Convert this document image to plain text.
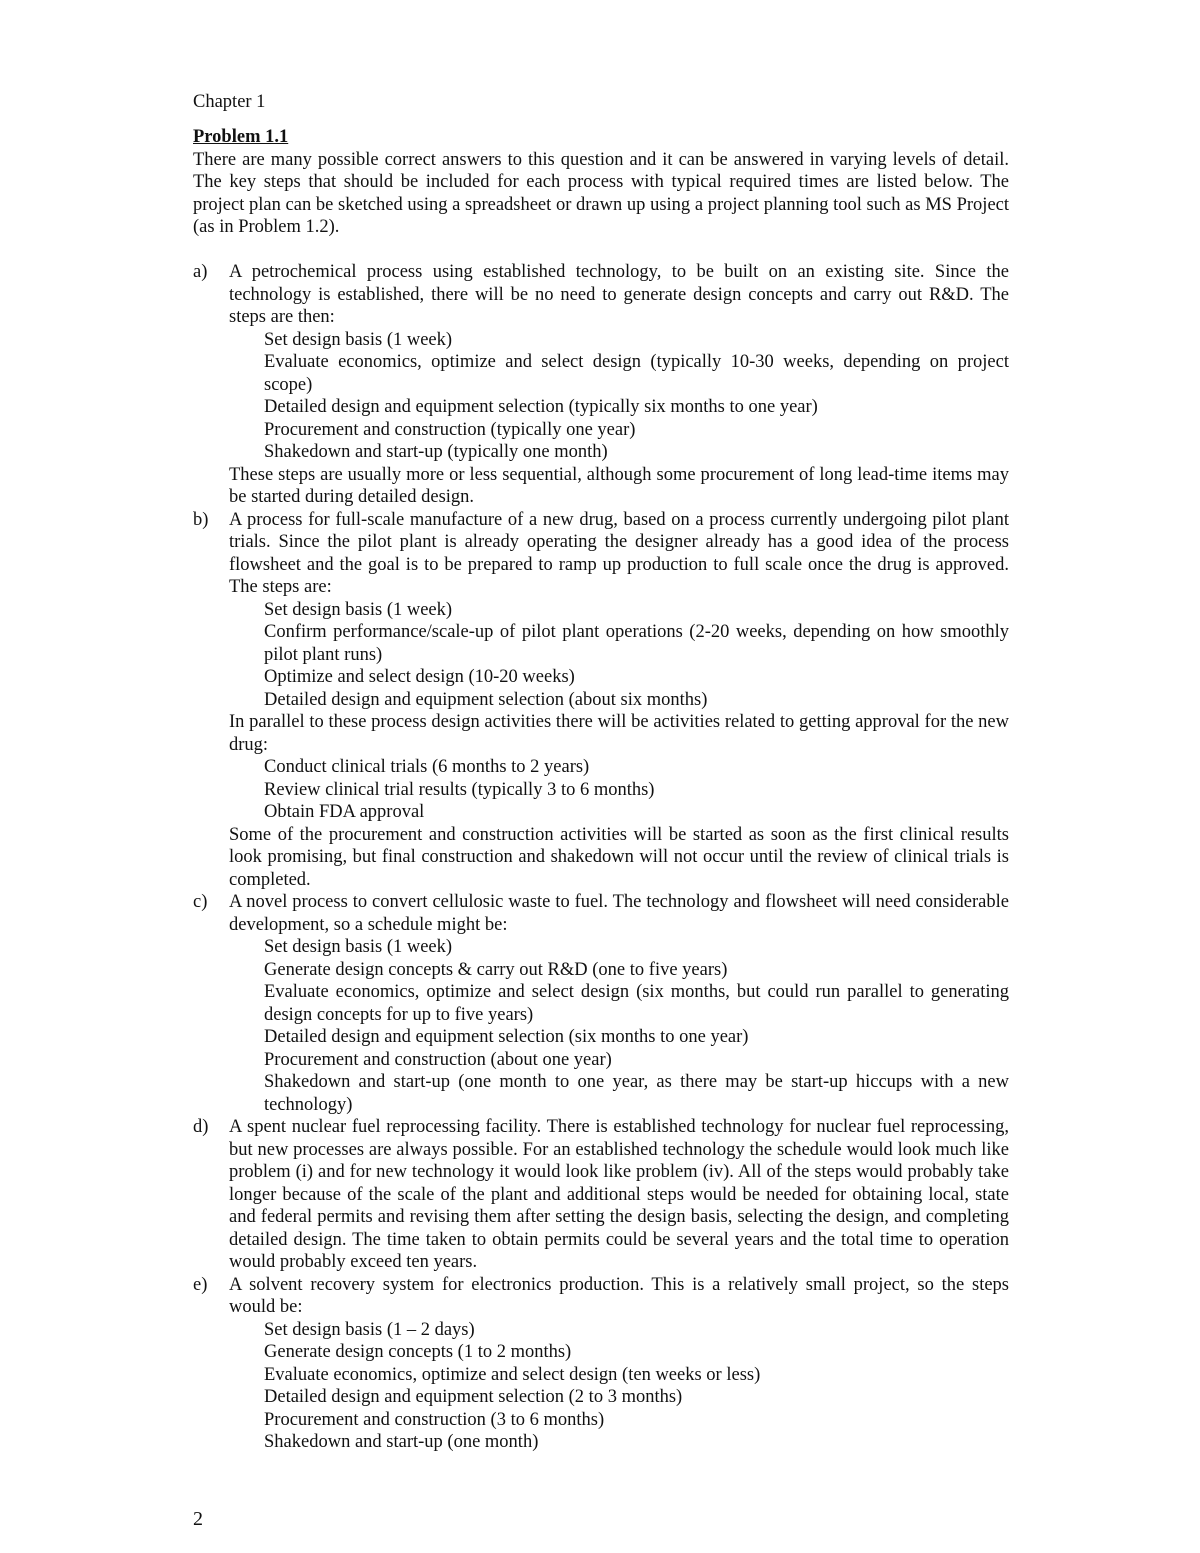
Chapter 1
Problem 1.1

There are many possible correct answers to this question and it can be answered in varying levels of detail. The key steps that should be included for each process with typical required times are listed below. The project plan can be sketched using a spreadsheet or drawn up using a project planning tool such as MS Project (as in Problem 1.2).

a) A petrochemical process using established technology, to be built on an existing site. Since the technology is established, there will be no need to generate design concepts and carry out R&D. The steps are then:

Set design basis (1 week)
Evaluate economics, optimize and select design (typically 10-30 weeks, depending on project scope)
Detailed design and equipment selection (typically six months to one year)
Procurement and construction (typically one year)
Shakedown and start-up (typically one month)

These steps are usually more or less sequential, although some procurement of long lead-time items may be started during detailed design.

b) A process for full-scale manufacture of a new drug, based on a process currently undergoing pilot plant trials. Since the pilot plant is already operating the designer already has a good idea of the process flowsheet and the goal is to be prepared to ramp up production to full scale once the drug is approved. The steps are:

Set design basis (1 week)
Confirm performance/scale-up of pilot plant operations (2-20 weeks, depending on how smoothly pilot plant runs)
Optimize and select design (10-20 weeks)
Detailed design and equipment selection (about six months)

In parallel to these process design activities there will be activities related to getting approval for the new drug:

Conduct clinical trials (6 months to 2 years)
Review clinical trial results (typically 3 to 6 months)
Obtain FDA approval

Some of the procurement and construction activities will be started as soon as the first clinical results look promising, but final construction and shakedown will not occur until the review of clinical trials is completed.

c) A novel process to convert cellulosic waste to fuel. The technology and flowsheet will need considerable development, so a schedule might be:

Set design basis (1 week)
Generate design concepts & carry out R&D (one to five years)
Evaluate economics, optimize and select design (six months, but could run parallel to generating design concepts for up to five years)
Detailed design and equipment selection (six months to one year)
Procurement and construction (about one year)
Shakedown and start-up (one month to one year, as there may be start-up hiccups with a new technology)
d) A spent nuclear fuel reprocessing facility. There is established technology for nuclear fuel reprocessing, but new processes are always possible. For an established technology the schedule would look much like problem (i) and for new technology it would look like problem (iv). All of the steps would probably take longer because of the scale of the plant and additional steps would be needed for obtaining local, state and federal permits and revising them after setting the design basis, selecting the design, and completing detailed design. The time taken to obtain permits could be several years and the total time to operation would probably exceed ten years.

e) A solvent recovery system for electronics production. This is a relatively small project, so the steps would be:

Set design basis (1 – 2 days)
Generate design concepts (1 to 2 months)
Evaluate economics, optimize and select design (ten weeks or less)
Detailed design and equipment selection (2 to 3 months)
Procurement and construction (3 to 6 months)
Shakedown and start-up (one month)
2
